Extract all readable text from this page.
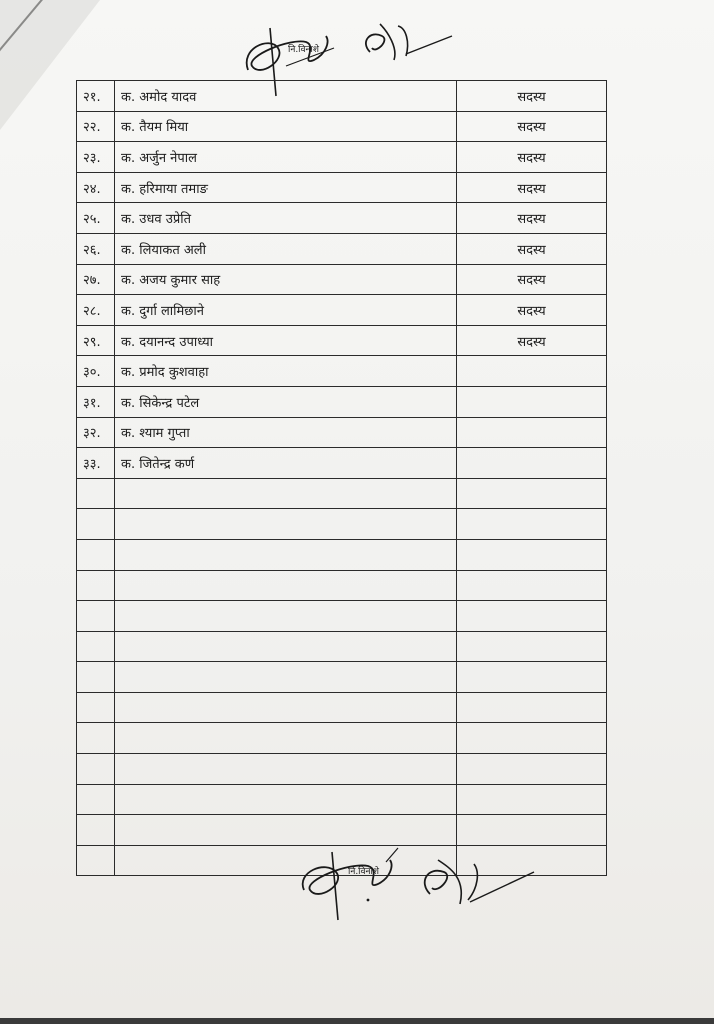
नि.विनाशे
२१.	क. अमोद यादव	सदस्य
२२.	क. तैयम मिया	सदस्य
२३.	क. अर्जुन नेपाल	सदस्य
२४.	क. हरिमाया तमाङ	सदस्य
२५.	क. उधव उप्रेति	सदस्य
२६.	क. लियाकत अली	सदस्य
२७.	क. अजय कुमार साह	सदस्य
२८.	क. दुर्गा लामिछाने	सदस्य
२९.	क. दयानन्द उपाध्या	सदस्य
३०.	क. प्रमोद कुशवाहा	
३१.	क. सिकेन्द्र पटेल	
३२.	क. श्याम गुप्ता	
३३.	क. जितेन्द्र कर्ण	

नि.विनाशे
